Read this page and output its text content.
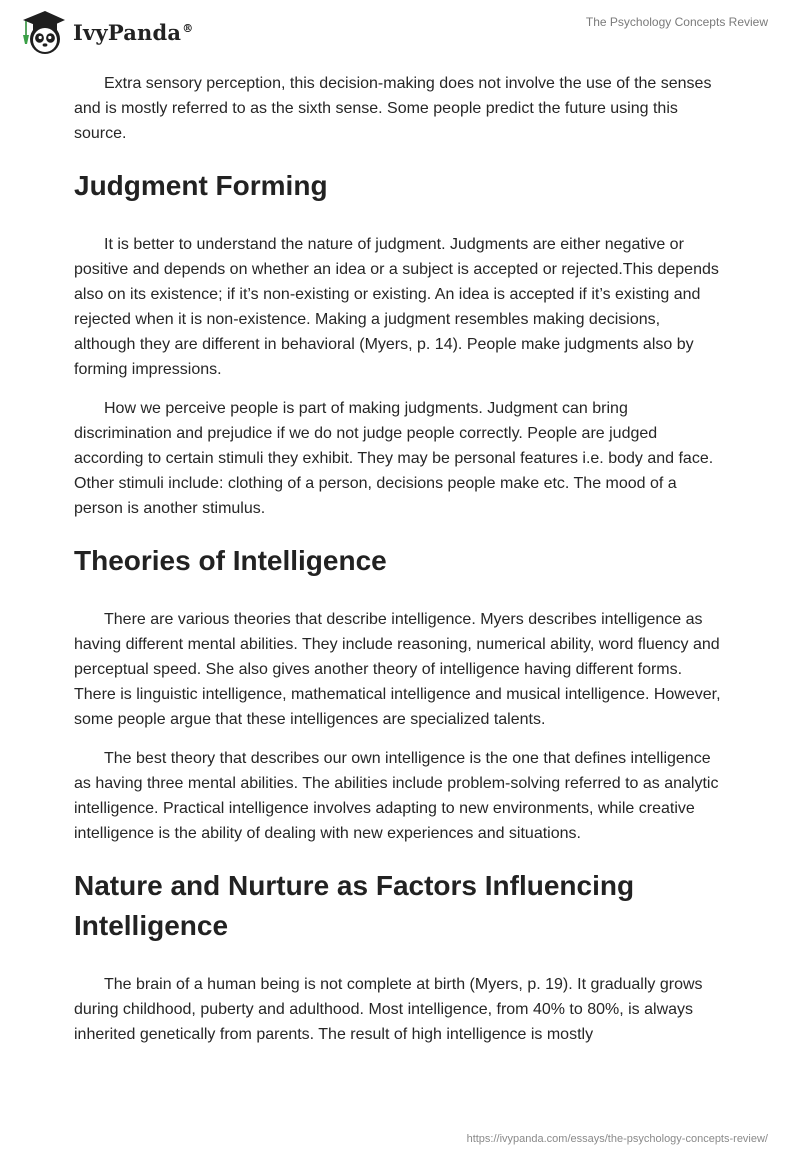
IvyPanda®	The Psychology Concepts Review

Extra sensory perception, this decision-making does not involve the use of the senses and is mostly referred to as the sixth sense. Some people predict the future using this source.

Judgment Forming

It is better to understand the nature of judgment. Judgments are either negative or positive and depends on whether an idea or a subject is accepted or rejected.This depends also on its existence; if it’s non-existing or existing. An idea is accepted if it’s existing and rejected when it is non-existence. Making a judgment resembles making decisions, although they are different in behavioral (Myers, p. 14). People make judgments also by forming impressions.

How we perceive people is part of making judgments. Judgment can bring discrimination and prejudice if we do not judge people correctly. People are judged according to certain stimuli they exhibit. They may be personal features i.e. body and face. Other stimuli include: clothing of a person, decisions people make etc. The mood of a person is another stimulus.

Theories of Intelligence

There are various theories that describe intelligence. Myers describes intelligence as having different mental abilities. They include reasoning, numerical ability, word fluency and perceptual speed. She also gives another theory of intelligence having different forms. There is linguistic intelligence, mathematical intelligence and musical intelligence. However, some people argue that these intelligences are specialized talents.

The best theory that describes our own intelligence is the one that defines intelligence as having three mental abilities. The abilities include problem-solving referred to as analytic intelligence. Practical intelligence involves adapting to new environments, while creative intelligence is the ability of dealing with new experiences and situations.

Nature and Nurture as Factors Influencing Intelligence

The brain of a human being is not complete at birth (Myers, p. 19). It gradually grows during childhood, puberty and adulthood. Most intelligence, from 40% to 80%, is always inherited genetically from parents. The result of high intelligence is mostly

https://ivypanda.com/essays/the-psychology-concepts-review/
